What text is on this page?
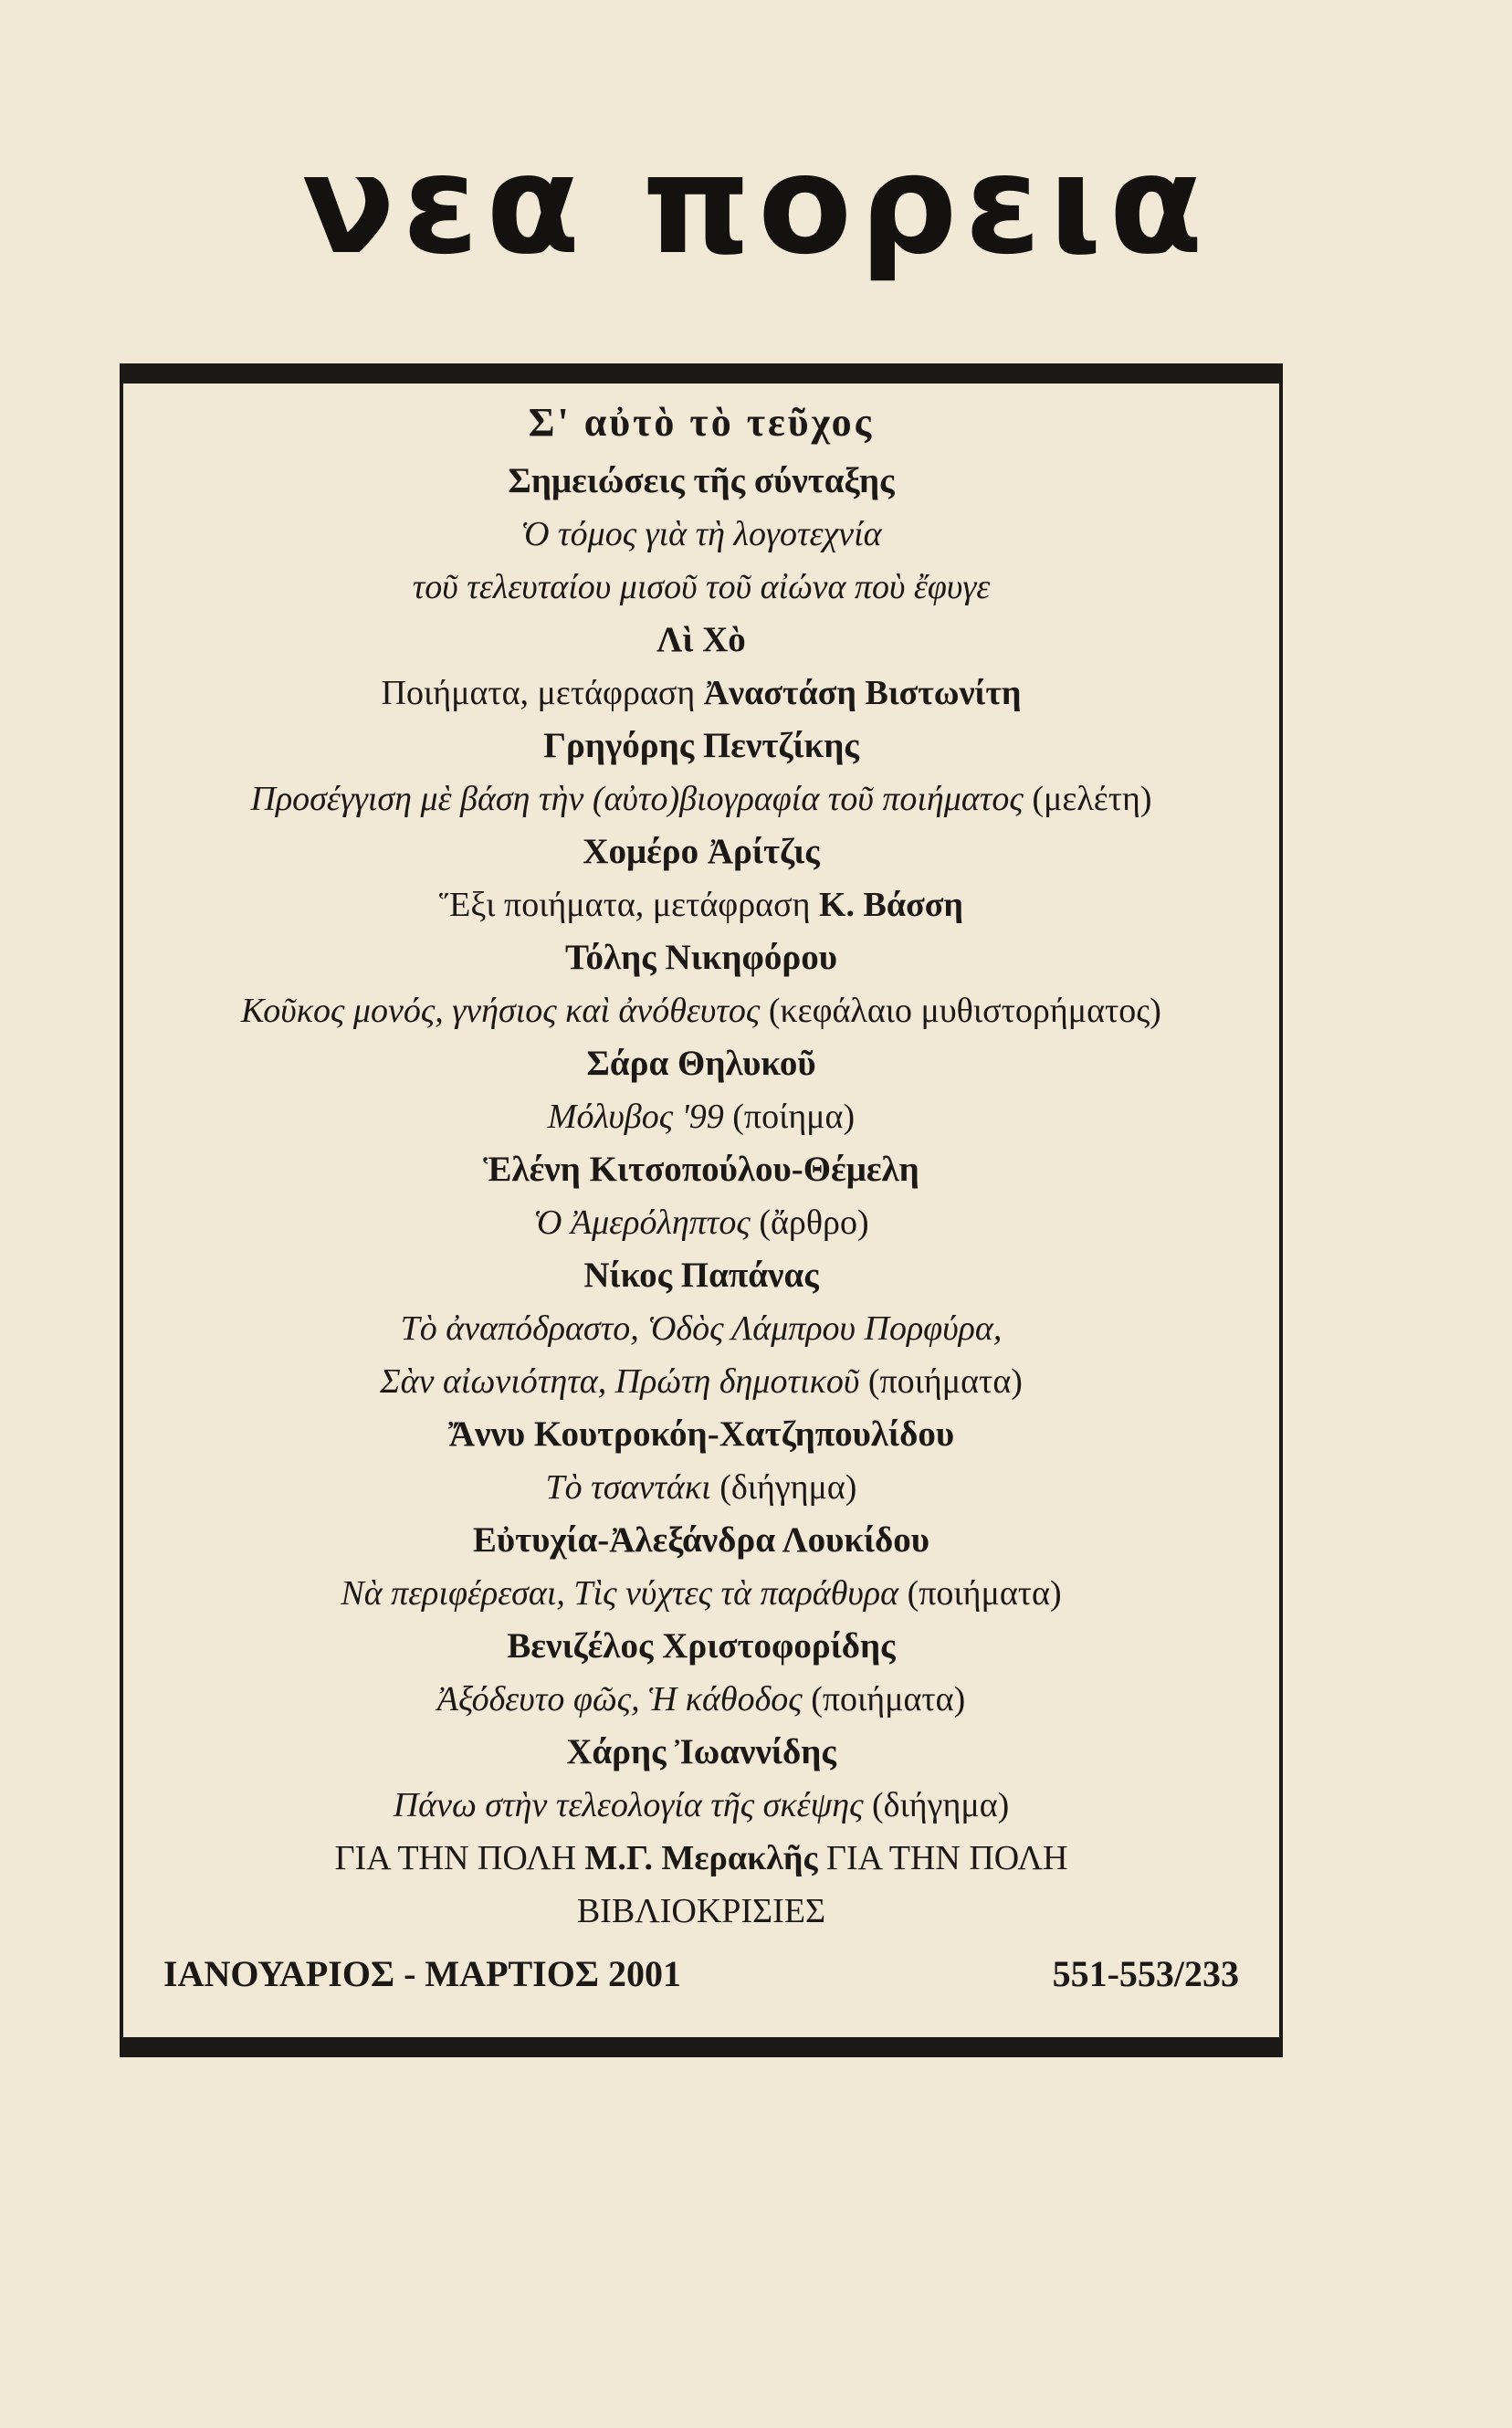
νεα πορεια
Σ' αὐτὸ τὸ τεῦχος
Σημειώσεις τῆς σύνταξης
Ὁ τόμος γιὰ τὴ λογοτεχνία
τοῦ τελευταίου μισοῦ τοῦ αἰώνα ποὺ ἔφυγε
Λὶ Χὸ
Ποιήματα, μετάφραση Ἀναστάση Βιστωνίτη
Γρηγόρης Πεντζίκης
Προσέγγιση μὲ βάση τὴν (αὐτο)βιογραφία τοῦ ποιήματος (μελέτη)
Χομέρο Ἀρίτζις
Ἕξι ποιήματα, μετάφραση Κ. Βάσση
Τόλης Νικηφόρου
Κοῦκος μονός, γνήσιος καὶ ἀνόθευτος (κεφάλαιο μυθιστορήματος)
Σάρα Θηλυκοῦ
Μόλυβος '99 (ποίημα)
Ἑλένη Κιτσοπούλου-Θέμελη
Ὁ Ἀμερόληπτος (ἄρθρο)
Νίκος Παπάνας
Τὸ ἀναπόδραστο, Ὁδὸς Λάμπρου Πορφύρα,
Σὰν αἰωνιότητα, Πρώτη δημοτικοῦ (ποιήματα)
Ἄννυ Κουτροκόη-Χατζηπουλίδου
Τὸ τσαντάκι (διήγημα)
Εὐτυχία-Ἀλεξάνδρα Λουκίδου
Νὰ περιφέρεσαι, Τὶς νύχτες τὰ παράθυρα (ποιήματα)
Βενιζέλος Χριστοφορίδης
Ἀξόδευτο φῶς, Ἡ κάθοδος (ποιήματα)
Χάρης Ἰωαννίδης
Πάνω στὴν τελεολογία τῆς σκέψης (διήγημα)
ΓΙΑ ΤΗΝ ΠΟΛΗ Μ.Γ. Μερακλῆς ΓΙΑ ΤΗΝ ΠΟΛΗ
ΒΙΒΛΙΟΚΡΙΣΙΕΣ
ΙΑΝΟΥΑΡΙΟΣ - ΜΑΡΤΙΟΣ 2001	551-553/233
